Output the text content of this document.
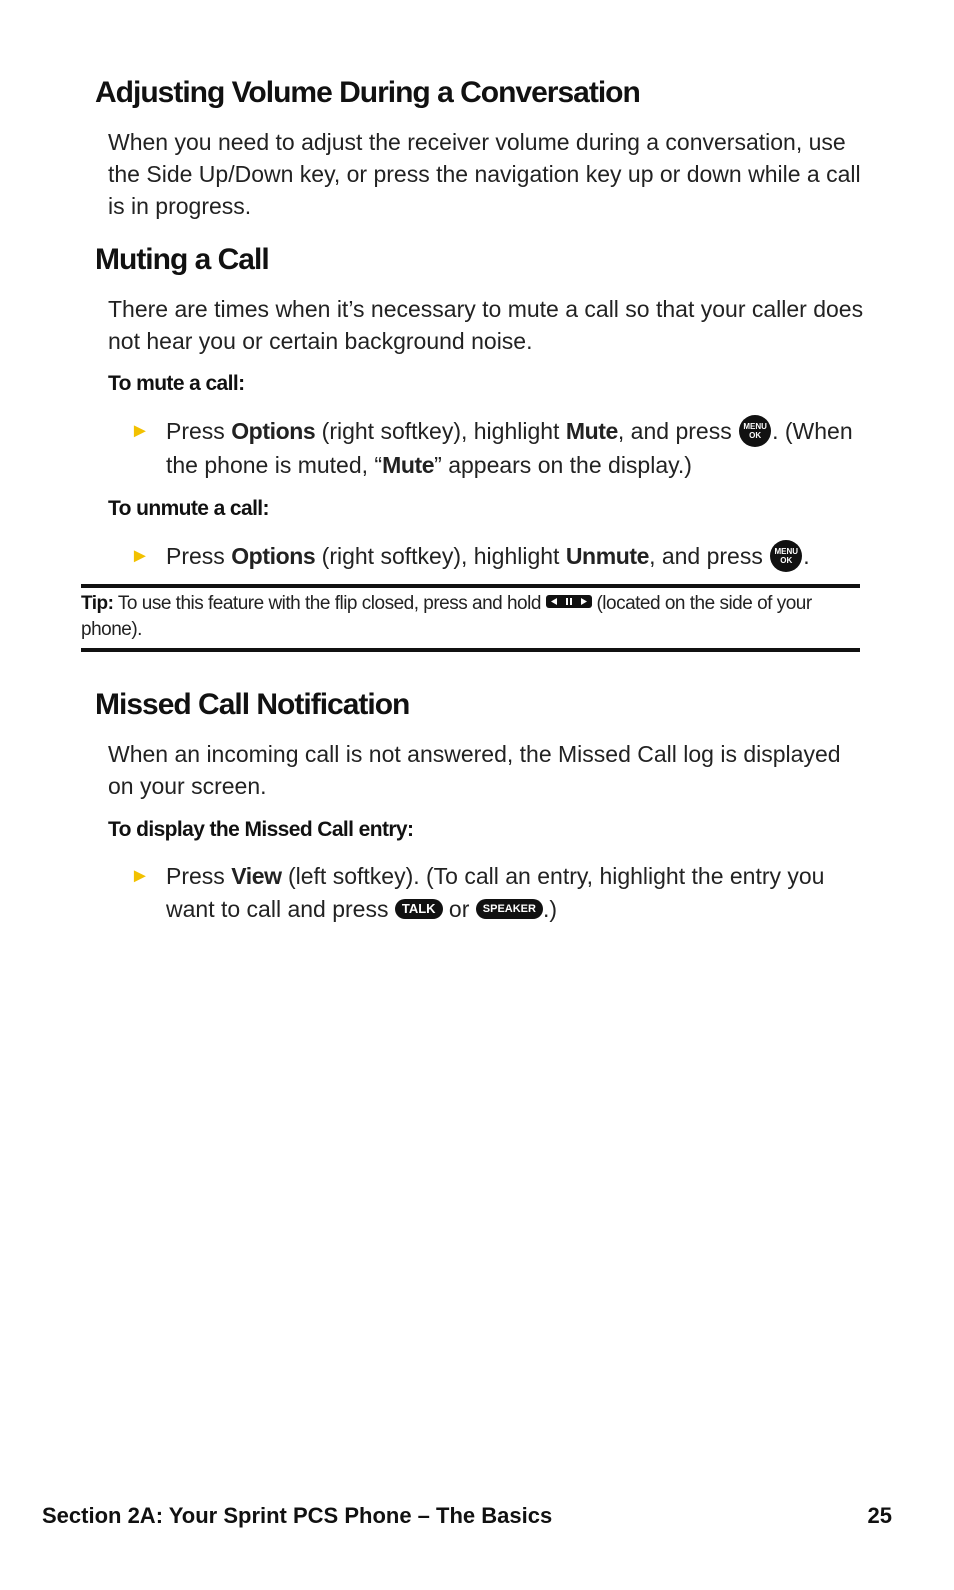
Adjusting Volume During a Conversation

When you need to adjust the receiver volume during a conversation, use the Side Up/Down key, or press the navigation key up or down while a call is in progress.

Muting a Call

There are times when it’s necessary to mute a call so that your caller does not hear you or certain background noise.

To mute a call:
► Press Options (right softkey), highlight Mute, and press MENU
OK . (When the phone is muted, “Mute” appears on the display.)
To unmute a call:
► Press Options (right softkey), highlight Unmute, and press MENU
OK .

Tip: To use this feature with the flip closed, press and hold
(located on the side of your phone).

Missed Call Notification

When an incoming call is not answered, the Missed Call log is displayed on your screen.

To display the Missed Call entry:
► Press View (left softkey). (To call an entry, highlight the entry you want to call and press TALK or SPEAKER .)
Section 2A: Your Sprint PCS Phone – The Basics	25
